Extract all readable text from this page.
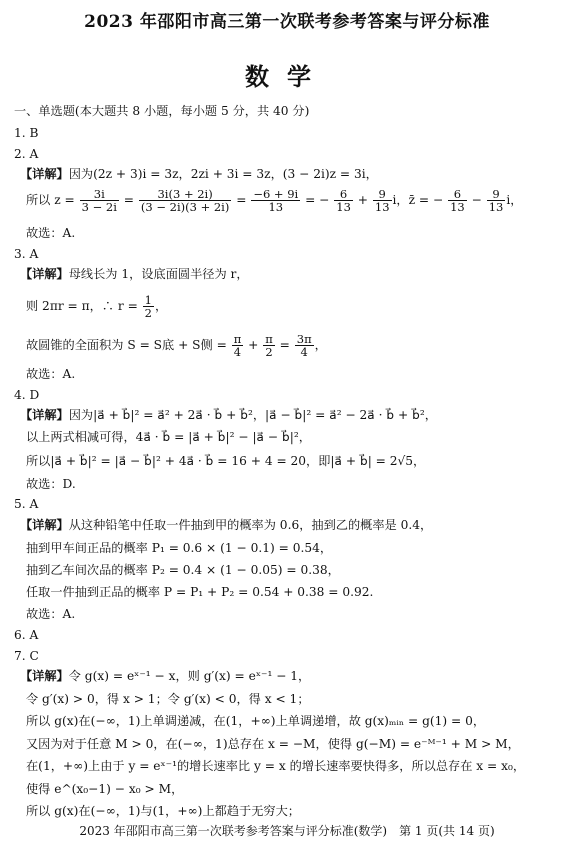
2023 年邵阳市高三第一次联考参考答案与评分标准
数学
一、单选题(本大题共 8 小题，每小题 5 分，共 40 分)
1. B
2. A
【详解】因为(2z + 3)i = 3z，2zi + 3i = 3z，(3 − 2i)z = 3i，
所以 $z = \frac{3i}{3 - 2i} = \frac{3i(3 + 2i)}{(3 - 2i)(3 + 2i)} = \frac{-6 + 9i}{13}$ = − $\frac{6}{13} + \frac{9}{13}$ i，z̄ = − $\frac{6}{13} - \frac{9}{13}$ i，
故选：A.
3. A
【详解】母线长为 1，设底面圆半径为 r，
则 2πr = π，∴ $r = \frac{1}{2}$ ，
故圆锥的全面积为 S = S底 + S侧 = $\frac{\pi}{4} + \frac{\pi}{2} = \frac{3\pi}{4}$ ，
故选：A.
4. D
【详解】因为|a⃗ + b⃗|² = a⃗² + 2a⃗ · b⃗ + b⃗²，|a⃗ − b⃗|² = a⃗² − 2a⃗ · b⃗ + b⃗²，
以上两式相减可得，4a⃗ · b⃗ = |a⃗ + b⃗|² − |a⃗ − b⃗|²，
所以|a⃗ + b⃗|² = |a⃗ − b⃗|² + 4a⃗ · b⃗ = 16 + 4 = 20，即|a⃗ + b⃗| = 2√5，
故选：D.
5. A
【详解】从这种铅笔中任取一件抽到甲的概率为 0.6，抽到乙的概率是 0.4，
抽到甲车间正品的概率 P₁ = 0.6 × (1 − 0.1) = 0.54，
抽到乙车间次品的概率 P₂ = 0.4 × (1 − 0.05) = 0.38，
任取一件抽到正品的概率 P = P₁ + P₂ = 0.54 + 0.38 = 0.92.
故选：A.
6. A
7. C
【详解】令 g(x) = eˣ⁻¹ − x，则 g′(x) = eˣ⁻¹ − 1，
令 g′(x) > 0，得 x > 1；令 g′(x) < 0，得 x < 1；
所以 g(x)在(−∞，1)上单调递减，在(1，+∞)上单调递增，故 g(x)ₘᵢₙ = g(1) = 0，
又因为对于任意 M > 0，在(−∞，1)总存在 x = −M，使得 g(−M) = e⁻ᴹ⁻¹ + M > M，
在(1，+∞)上由于 y = eˣ⁻¹的增长速率比 y = x 的增长速率要快得多，所以总存在 x = x₀，
使得 e^(x₀−1) − x₀ > M，
所以 g(x)在(−∞，1)与(1，+∞)上都趋于无穷大；
2023 年邵阳市高三第一次联考参考答案与评分标准(数学)　第 1 页(共 14 页)
